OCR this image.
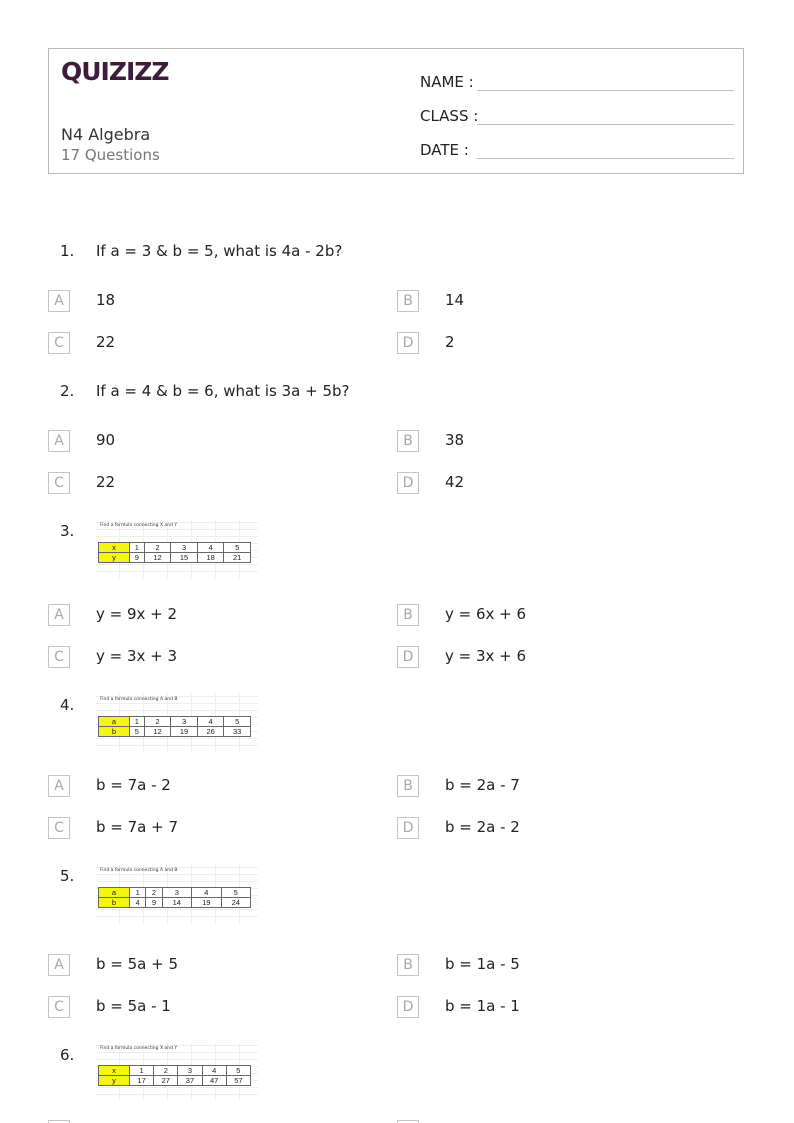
QUIZIZZ
N4 Algebra
17 Questions
NAME :
CLASS :
DATE :
1. If a = 3 & b = 5, what is 4a - 2b?
A	18	B	14
C	22	D	2
2. If a = 4 & b = 6, what is 3a + 5b?
A	90	B	38
C	22	D	42
3.	Find a formula connecting X and Y
x	1	2	3	4	5
y	9	12	15	18	21
A	y = 9x + 2	B	y = 6x + 6
C	y = 3x + 3	D	y = 3x + 6
4.	Find a formula connecting A and B
a	1	2	3	4	5
b	5	12	19	26	33
A	b = 7a - 2	B	b = 2a - 7
C	b = 7a + 7	D	b = 2a - 2
5.	Find a formula connecting A and B
a	1	2	3	4	5
b	4	9	14	19	24
A	b = 5a + 5	B	b = 1a - 5
C	b = 5a - 1	D	b = 1a - 1
6.	Find a formula connecting X and Y
x	1	2	3	4	5
y	17	27	37	47	57
